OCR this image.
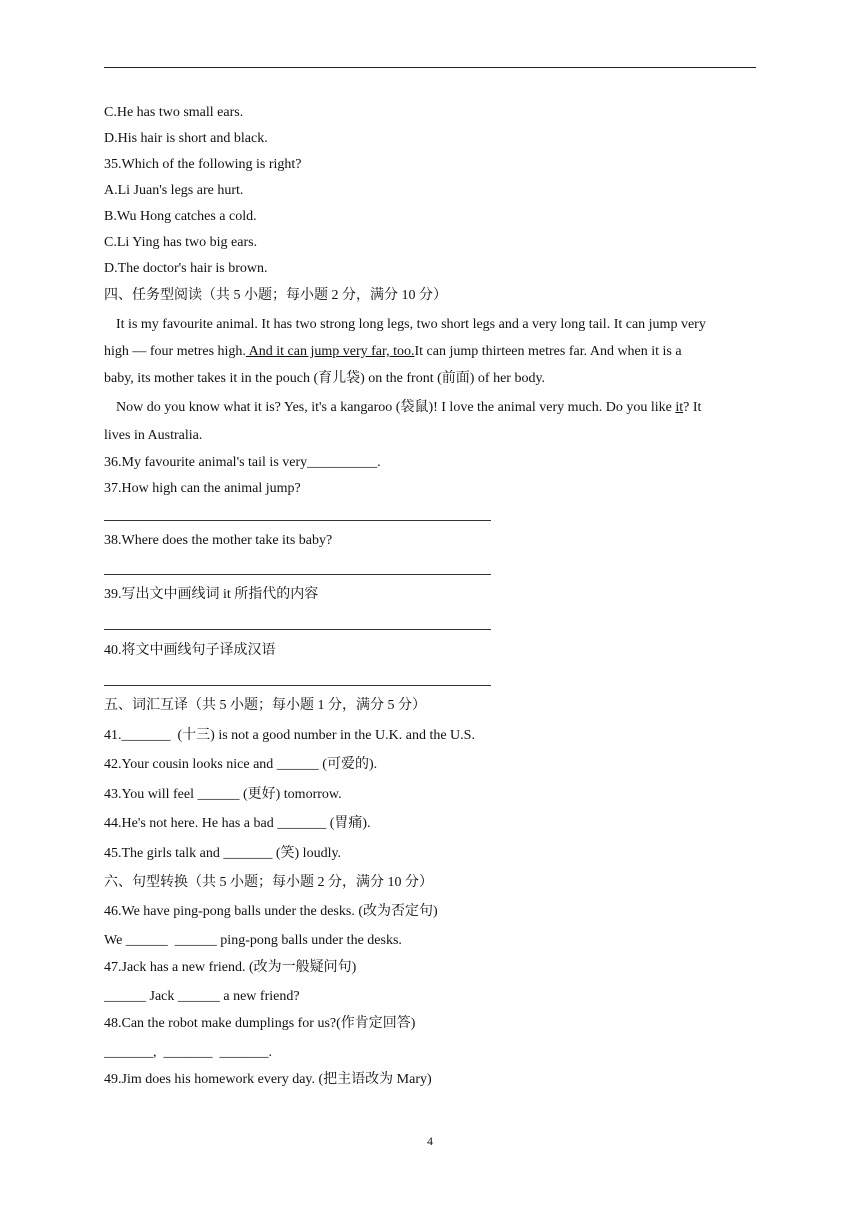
C.He has two small ears.
D.His hair is short and black.
35.Which of the following is right?
A.Li Juan's legs are hurt.
B.Wu Hong catches a cold.
C.Li Ying has two big ears.
D.The doctor's hair is brown.
四、任务型阅读（共 5 小题；每小题 2 分，满分 10 分）
It is my favourite animal. It has two strong long legs, two short legs and a very long tail. It can jump very
high — four metres high. And it can jump very far, too.It can jump thirteen metres far. And when it is a
baby, its mother takes it in the pouch (育儿袋) on the front (前面) of her body.
Now do you know what it is? Yes, it's a kangaroo (袋鼠)! I love the animal very much. Do you like it? It
lives in Australia.
36.My favourite animal's tail is very__________.
37.How high can the animal jump?
38.Where does the mother take its baby?
39.写出文中画线词 it 所指代的内容
40.将文中画线句子译成汉语
五、词汇互译（共 5 小题；每小题 1 分，满分 5 分）
41._______  (十三) is not a good number in the U.K. and the U.S.
42.Your cousin looks nice and ______ (可爱的).
43.You will feel ______ (更好) tomorrow.
44.He's not here. He has a bad _______ (胃痛).
45.The girls talk and _______ (笑) loudly.
六、句型转换（共 5 小题；每小题 2 分，满分 10 分）
46.We have ping-pong balls under the desks. (改为否定句)
We ______  ______ ping-pong balls under the desks.
47.Jack has a new friend. (改为一般疑问句)
______ Jack ______ a new friend?
48.Can the robot make dumplings for us?(作肯定回答)
_______,  _______  _______.
49.Jim does his homework every day. (把主语改为 Mary)
4
